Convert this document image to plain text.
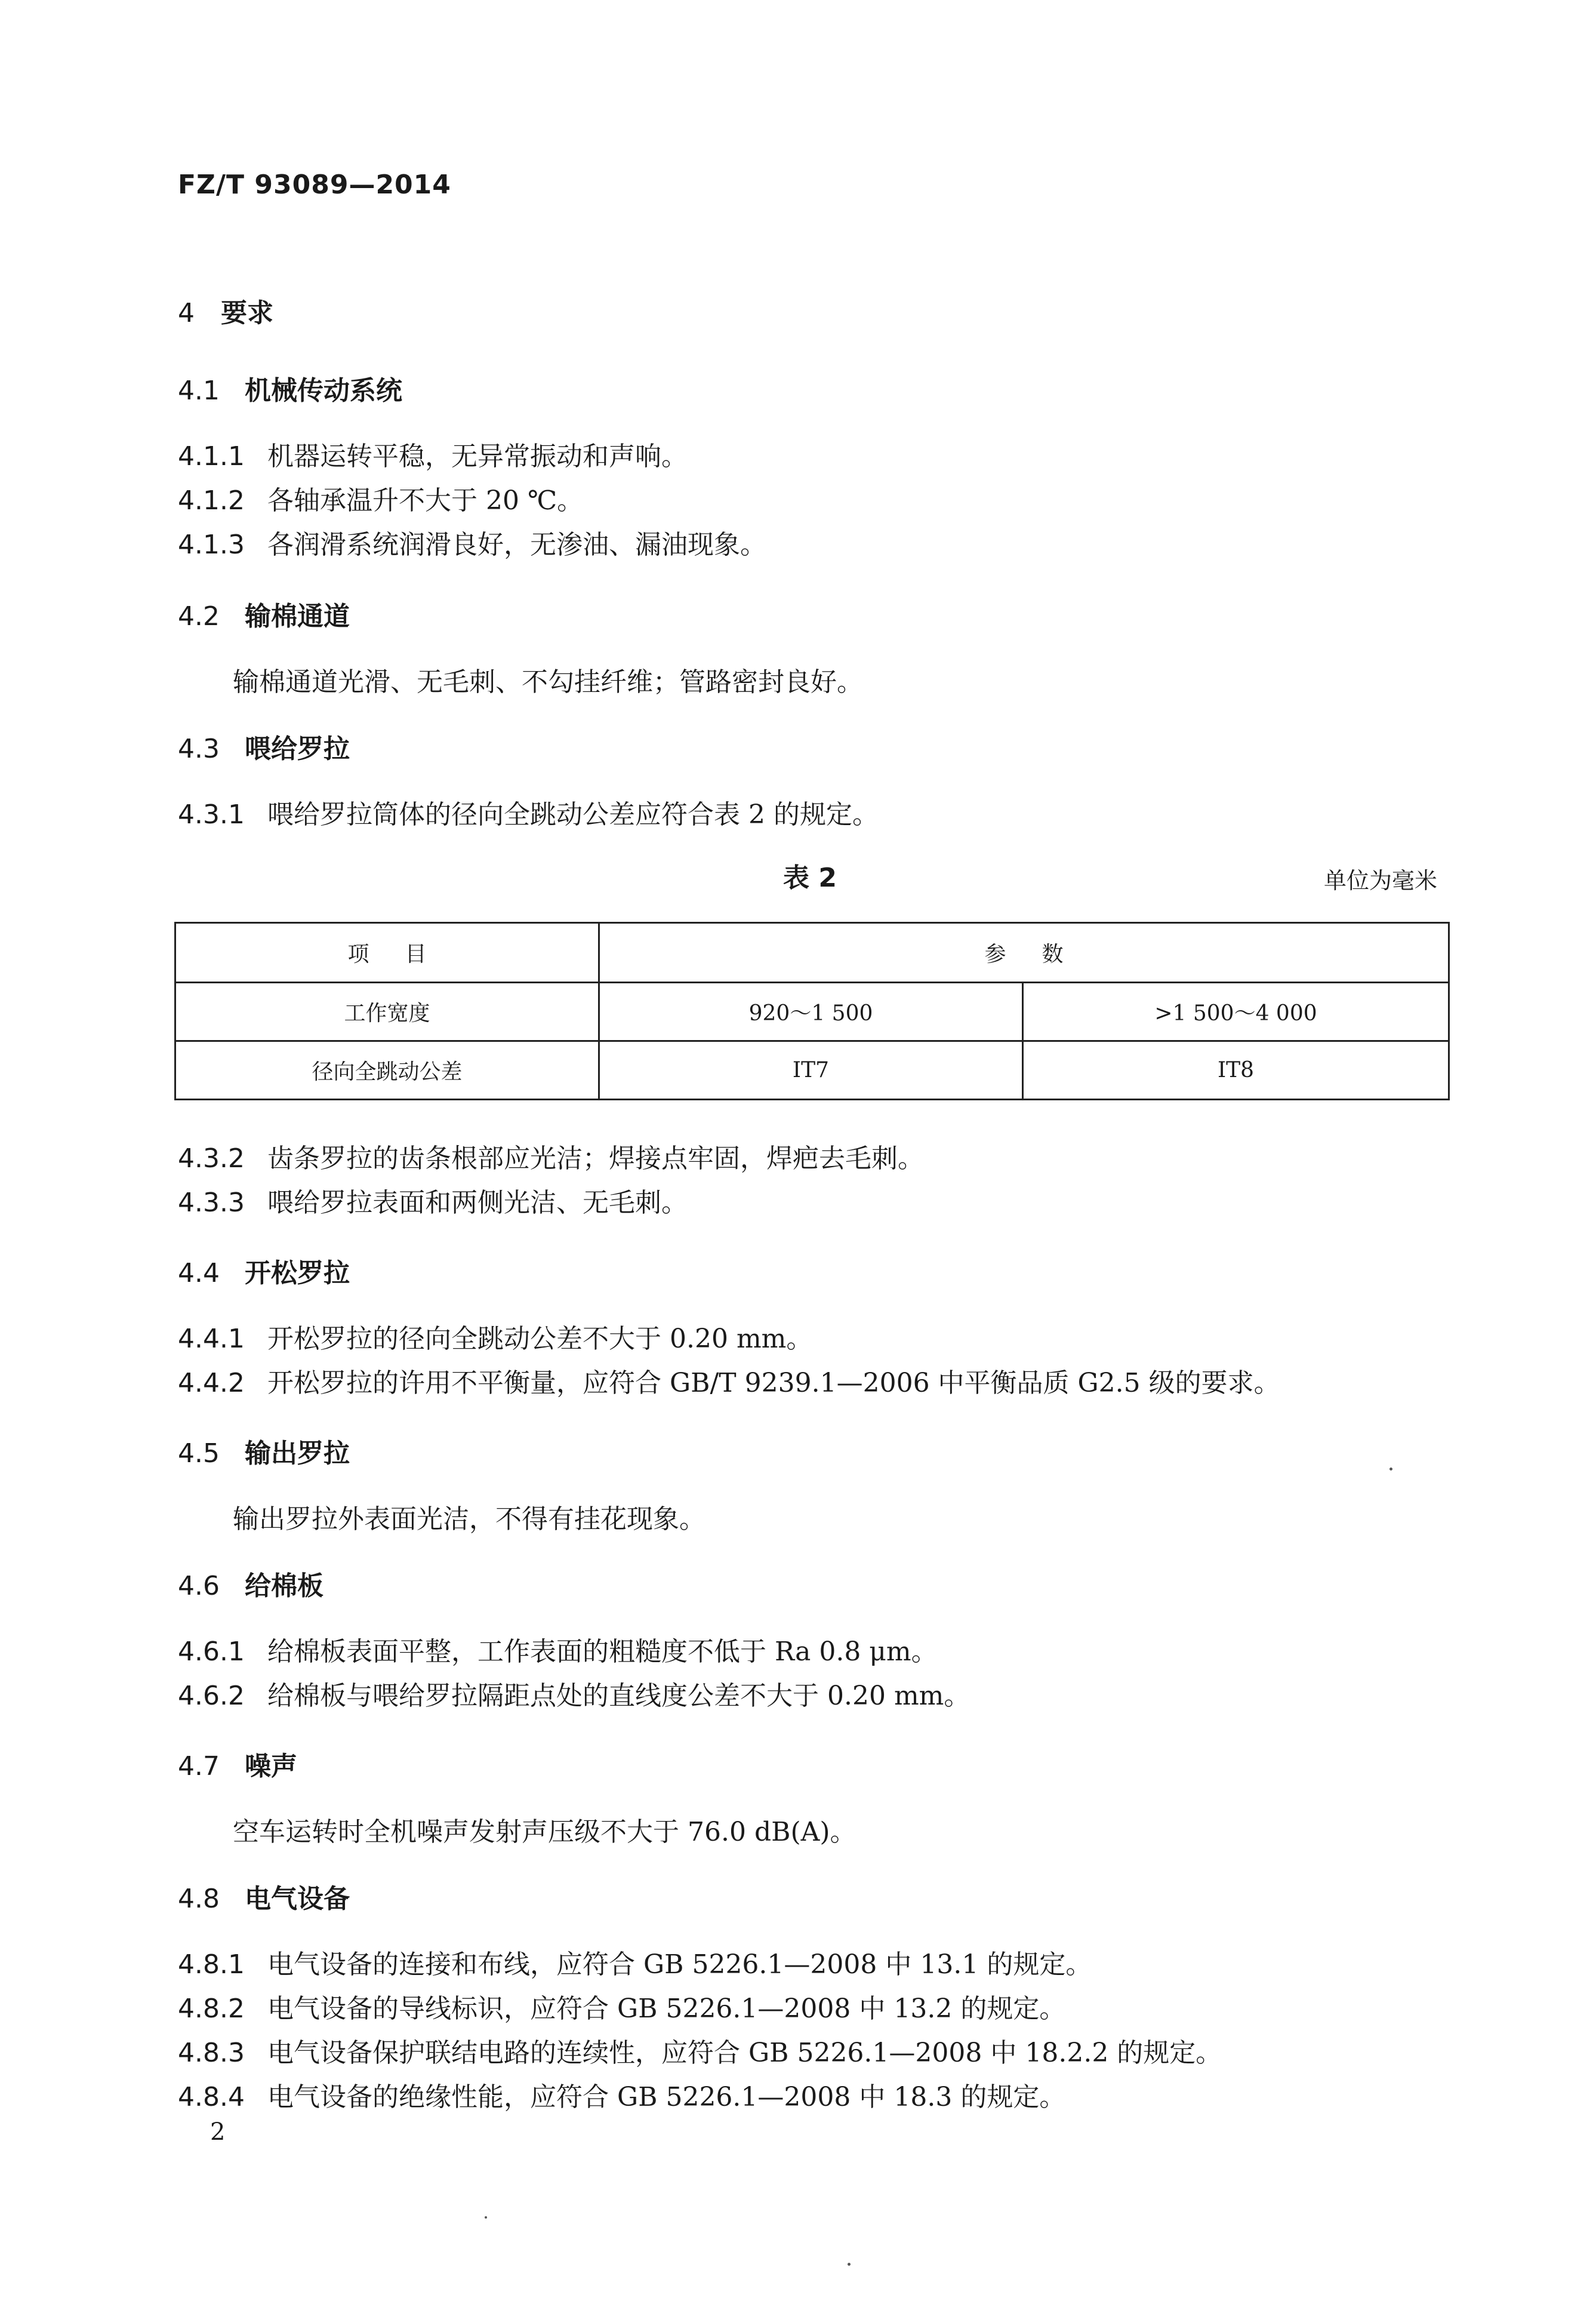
FZ/T 93089—2014
4 要求
4.1 机械传动系统
4.1.1 机器运转平稳，无异常振动和声响。
4.1.2 各轴承温升不大于 20 ℃。
4.1.3 各润滑系统润滑良好，无渗油、漏油现象。
4.2 输棉通道
输棉通道光滑、无毛刺、不勾挂纤维；管路密封良好。
4.3 喂给罗拉
4.3.1 喂给罗拉筒体的径向全跳动公差应符合表 2 的规定。
表 2	单位为毫米
项目	参数	
工作宽度	920～1 500	>1 500～4 000
径向全跳动公差	IT7	IT8
4.3.2 齿条罗拉的齿条根部应光洁；焊接点牢固，焊疤去毛刺。
4.3.3 喂给罗拉表面和两侧光洁、无毛刺。
4.4 开松罗拉
4.4.1 开松罗拉的径向全跳动公差不大于 0.20 mm。
4.4.2 开松罗拉的许用不平衡量，应符合 GB/T 9239.1—2006 中平衡品质 G2.5 级的要求。
4.5 输出罗拉
输出罗拉外表面光洁，不得有挂花现象。
4.6 给棉板
4.6.1 给棉板表面平整，工作表面的粗糙度不低于 Ra 0.8 μm。
4.6.2 给棉板与喂给罗拉隔距点处的直线度公差不大于 0.20 mm。
4.7 噪声
空车运转时全机噪声发射声压级不大于 76.0 dB(A)。
4.8 电气设备
4.8.1 电气设备的连接和布线，应符合 GB 5226.1—2008 中 13.1 的规定。
4.8.2 电气设备的导线标识，应符合 GB 5226.1—2008 中 13.2 的规定。
4.8.3 电气设备保护联结电路的连续性，应符合 GB 5226.1—2008 中 18.2.2 的规定。
4.8.4 电气设备的绝缘性能，应符合 GB 5226.1—2008 中 18.3 的规定。
2
